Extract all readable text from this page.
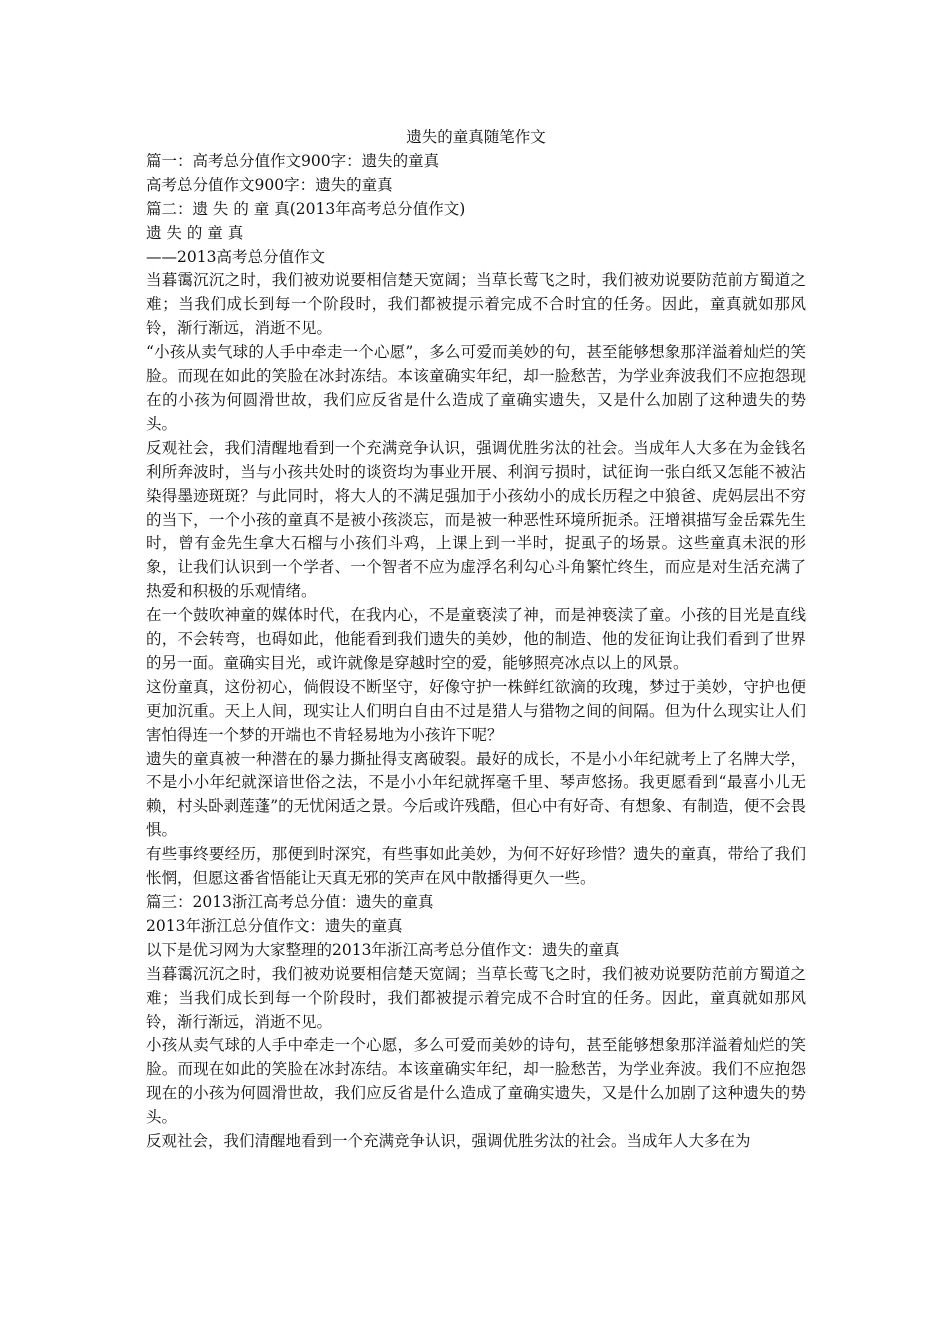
遗失的童真随笔作文

篇一：高考总分值作文900字：遗失的童真

高考总分值作文900字：遗失的童真

篇二：遗 失 的 童 真(2013年高考总分值作文)

遗 失 的 童 真

——2013高考总分值作文

当暮霭沉沉之时，我们被劝说要相信楚天宽阔；当草长莺飞之时，我们被劝说要防范前方蜀道之难；当我们成长到每一个阶段时，我们都被提示着完成不合时宜的任务。因此，童真就如那风铃，渐行渐远，消逝不见。

“小孩从卖气球的人手中牵走一个心愿”，多么可爱而美妙的句，甚至能够想象那洋溢着灿烂的笑脸。而现在如此的笑脸在冰封冻结。本该童确实年纪，却一脸愁苦，为学业奔波我们不应抱怨现在的小孩为何圆滑世故，我们应反省是什么造成了童确实遗失，又是什么加剧了这种遗失的势头。

反观社会，我们清醒地看到一个充满竞争认识，强调优胜劣汰的社会。当成年人大多在为金钱名利所奔波时，当与小孩共处时的谈资均为事业开展、利润亏损时，试征询一张白纸又怎能不被沾染得墨迹斑斑？与此同时，将大人的不满足强加于小孩幼小的成长历程之中狼爸、虎妈层出不穷的当下，一个小孩的童真不是被小孩淡忘，而是被一种恶性环境所扼杀。汪增祺描写金岳霖先生时，曾有金先生拿大石榴与小孩们斗鸡，上课上到一半时，捉虱子的场景。这些童真未泯的形象，让我们认识到一个学者、一个智者不应为虚浮名利勾心斗角繁忙终生，而应是对生活充满了热爱和积极的乐观情绪。

在一个鼓吹神童的媒体时代，在我内心，不是童亵渎了神，而是神亵渎了童。小孩的目光是直线的，不会转弯，也碍如此，他能看到我们遗失的美妙，他的制造、他的发征询让我们看到了世界的另一面。童确实目光，或许就像是穿越时空的爱，能够照亮冰点以上的风景。

这份童真，这份初心，倘假设不断坚守，好像守护一株鲜红欲滴的玫瑰，梦过于美妙，守护也便更加沉重。天上人间，现实让人们明白自由不过是猎人与猎物之间的间隔。但为什么现实让人们害怕得连一个梦的开端也不肯轻易地为小孩许下呢？

遗失的童真被一种潜在的暴力撕扯得支离破裂。最好的成长，不是小小年纪就考上了名牌大学，不是小小年纪就深谙世俗之法，不是小小年纪就挥毫千里、琴声悠扬。我更愿看到“最喜小儿无赖，村头卧剥莲蓬”的无忧闲适之景。今后或许残酷，但心中有好奇、有想象、有制造，便不会畏惧。

有些事终要经历，那便到时深究，有些事如此美妙，为何不好好珍惜？遗失的童真，带给了我们怅惘，但愿这番省悟能让天真无邪的笑声在风中散播得更久一些。

篇三：2013浙江高考总分值：遗失的童真

2013年浙江总分值作文：遗失的童真

以下是优习网为大家整理的2013年浙江高考总分值作文：遗失的童真

当暮霭沉沉之时，我们被劝说要相信楚天宽阔；当草长莺飞之时，我们被劝说要防范前方蜀道之难；当我们成长到每一个阶段时，我们都被提示着完成不合时宜的任务。因此，童真就如那风铃，渐行渐远，消逝不见。

小孩从卖气球的人手中牵走一个心愿，多么可爱而美妙的诗句，甚至能够想象那洋溢着灿烂的笑脸。而现在如此的笑脸在冰封冻结。本该童确实年纪，却一脸愁苦，为学业奔波。我们不应抱怨现在的小孩为何圆滑世故，我们应反省是什么造成了童确实遗失，又是什么加剧了这种遗失的势头。

反观社会，我们清醒地看到一个充满竞争认识，强调优胜劣汰的社会。当成年人大多在为
